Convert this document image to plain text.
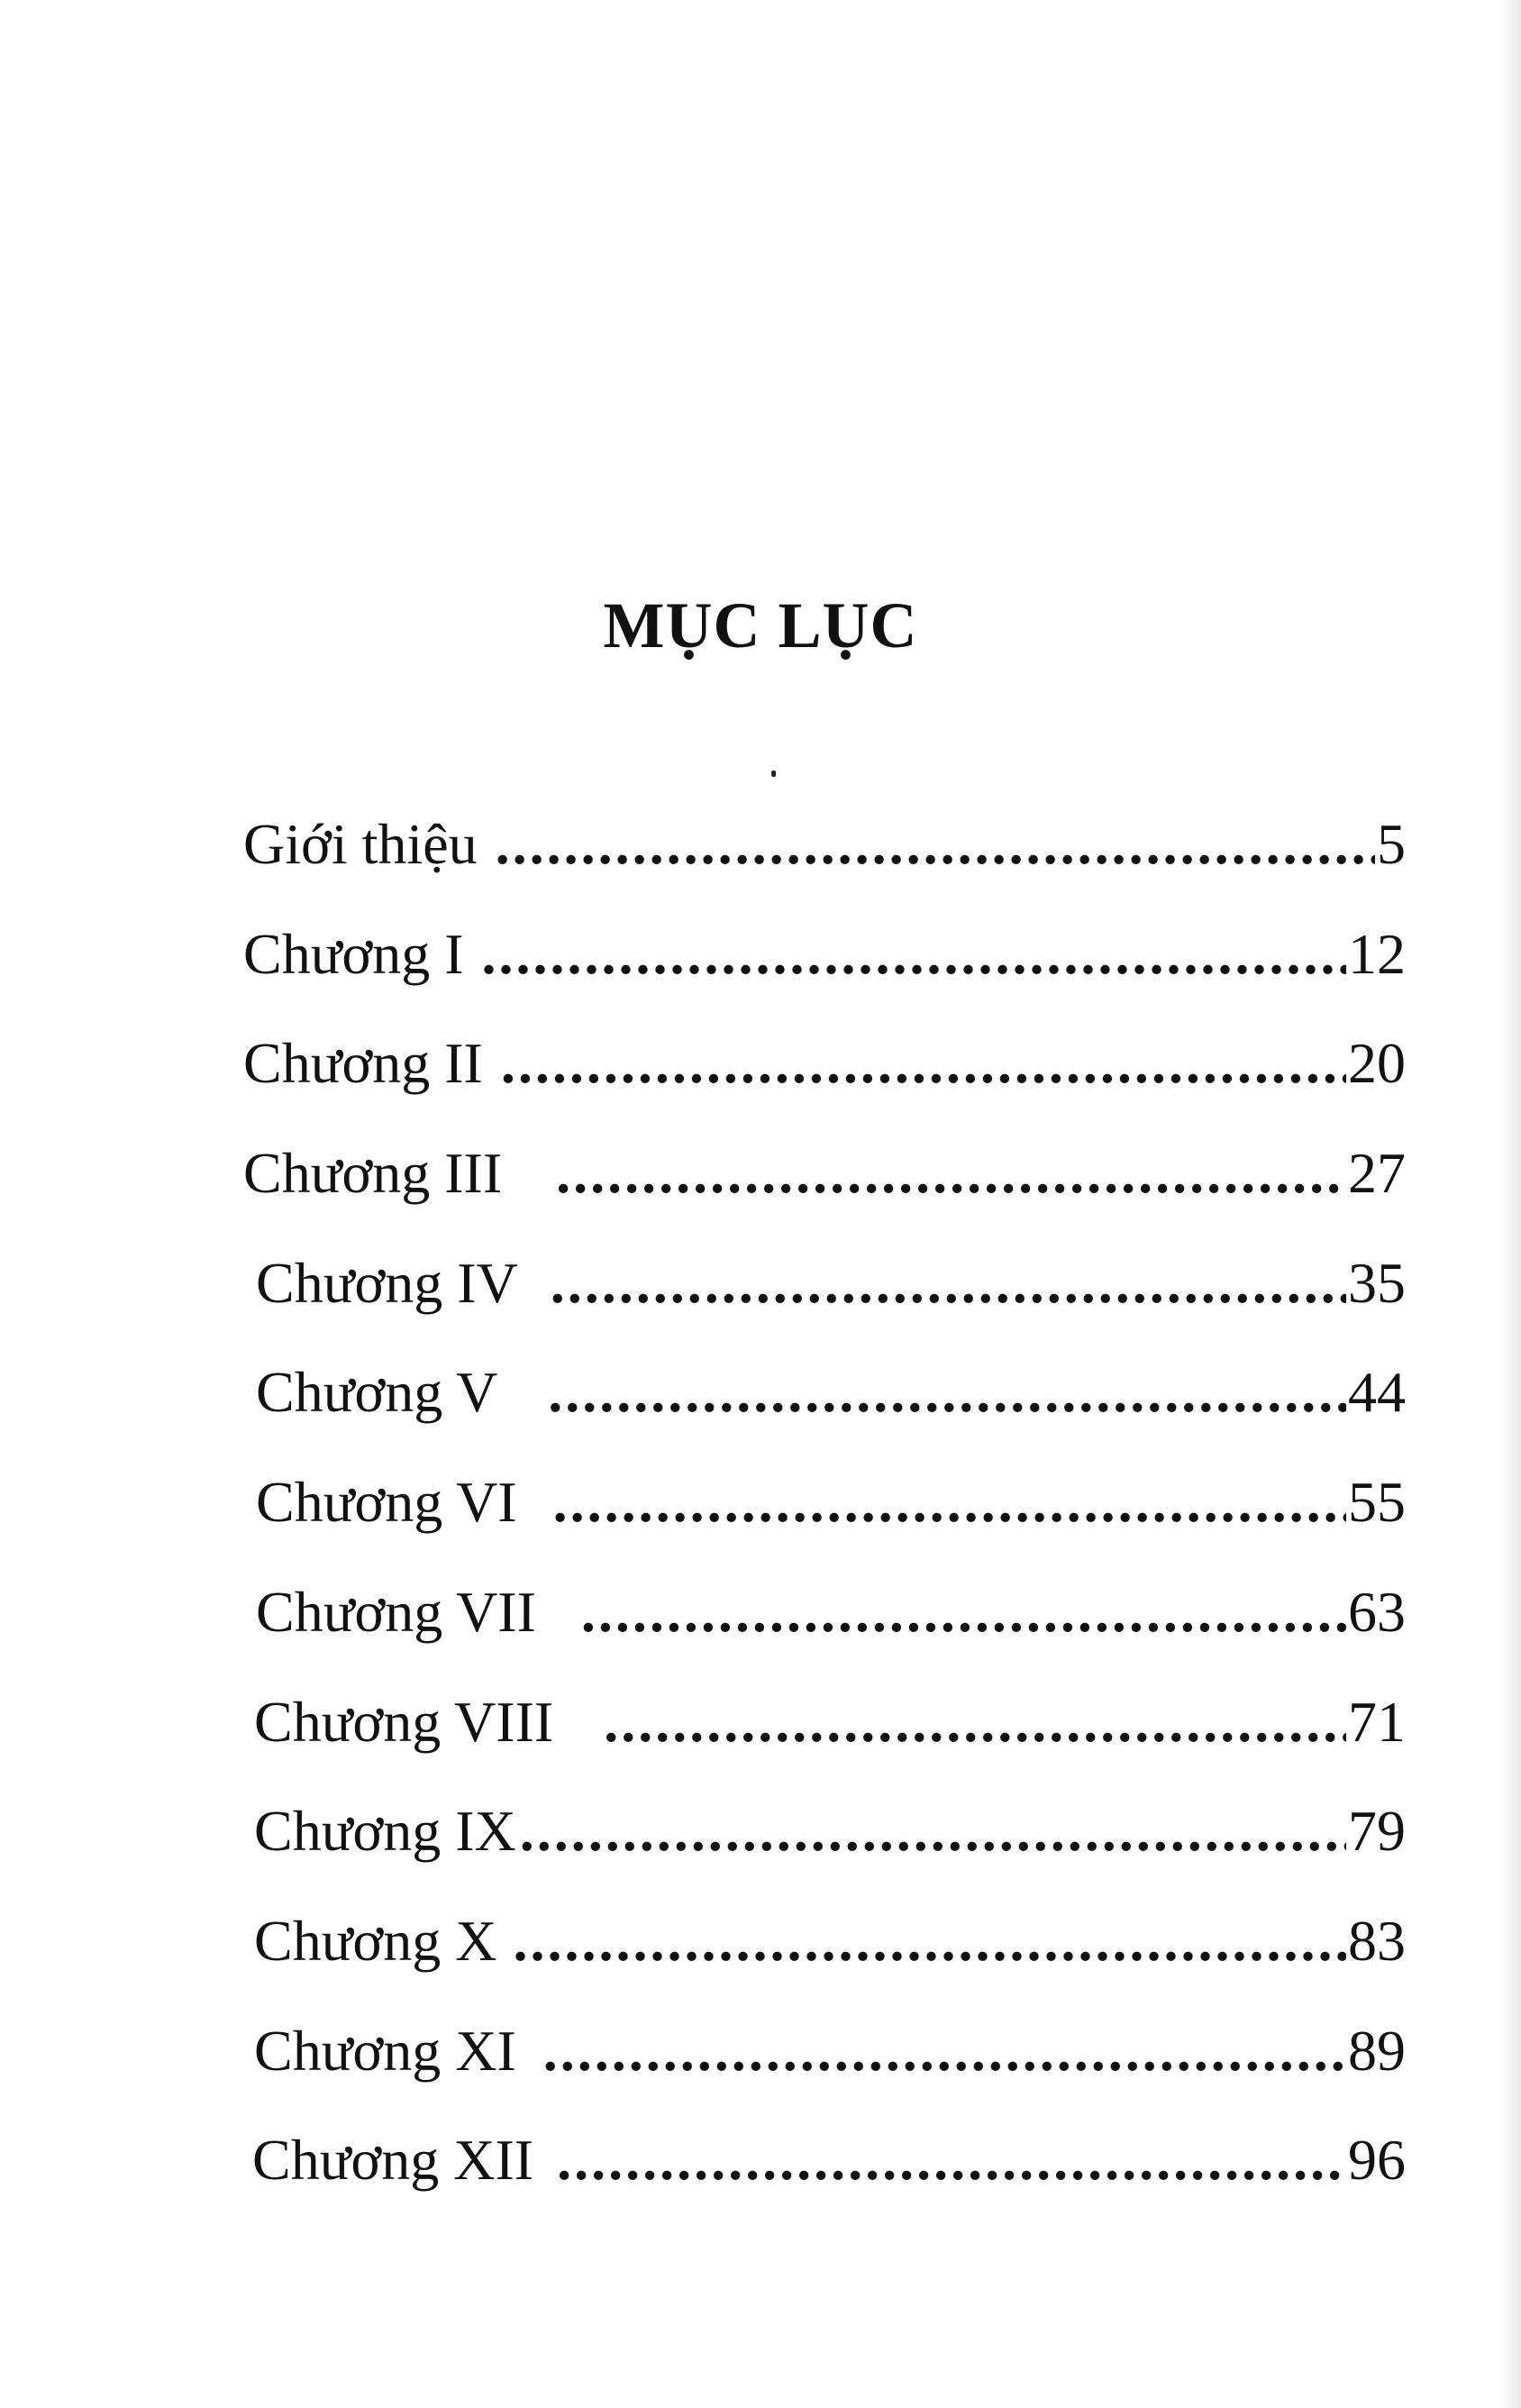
MỤC LỤC
Giới thiệu .....	5
Chương I .....	12
Chương II .....	20
Chương III .....	27
Chương IV .....	35
Chương V .....	44
Chương VI .....	55
Chương VII .....	63
Chương VIII .....	71
Chương IX .....	79
Chương X .....	83
Chương XI .....	89
Chương XII .....	96
